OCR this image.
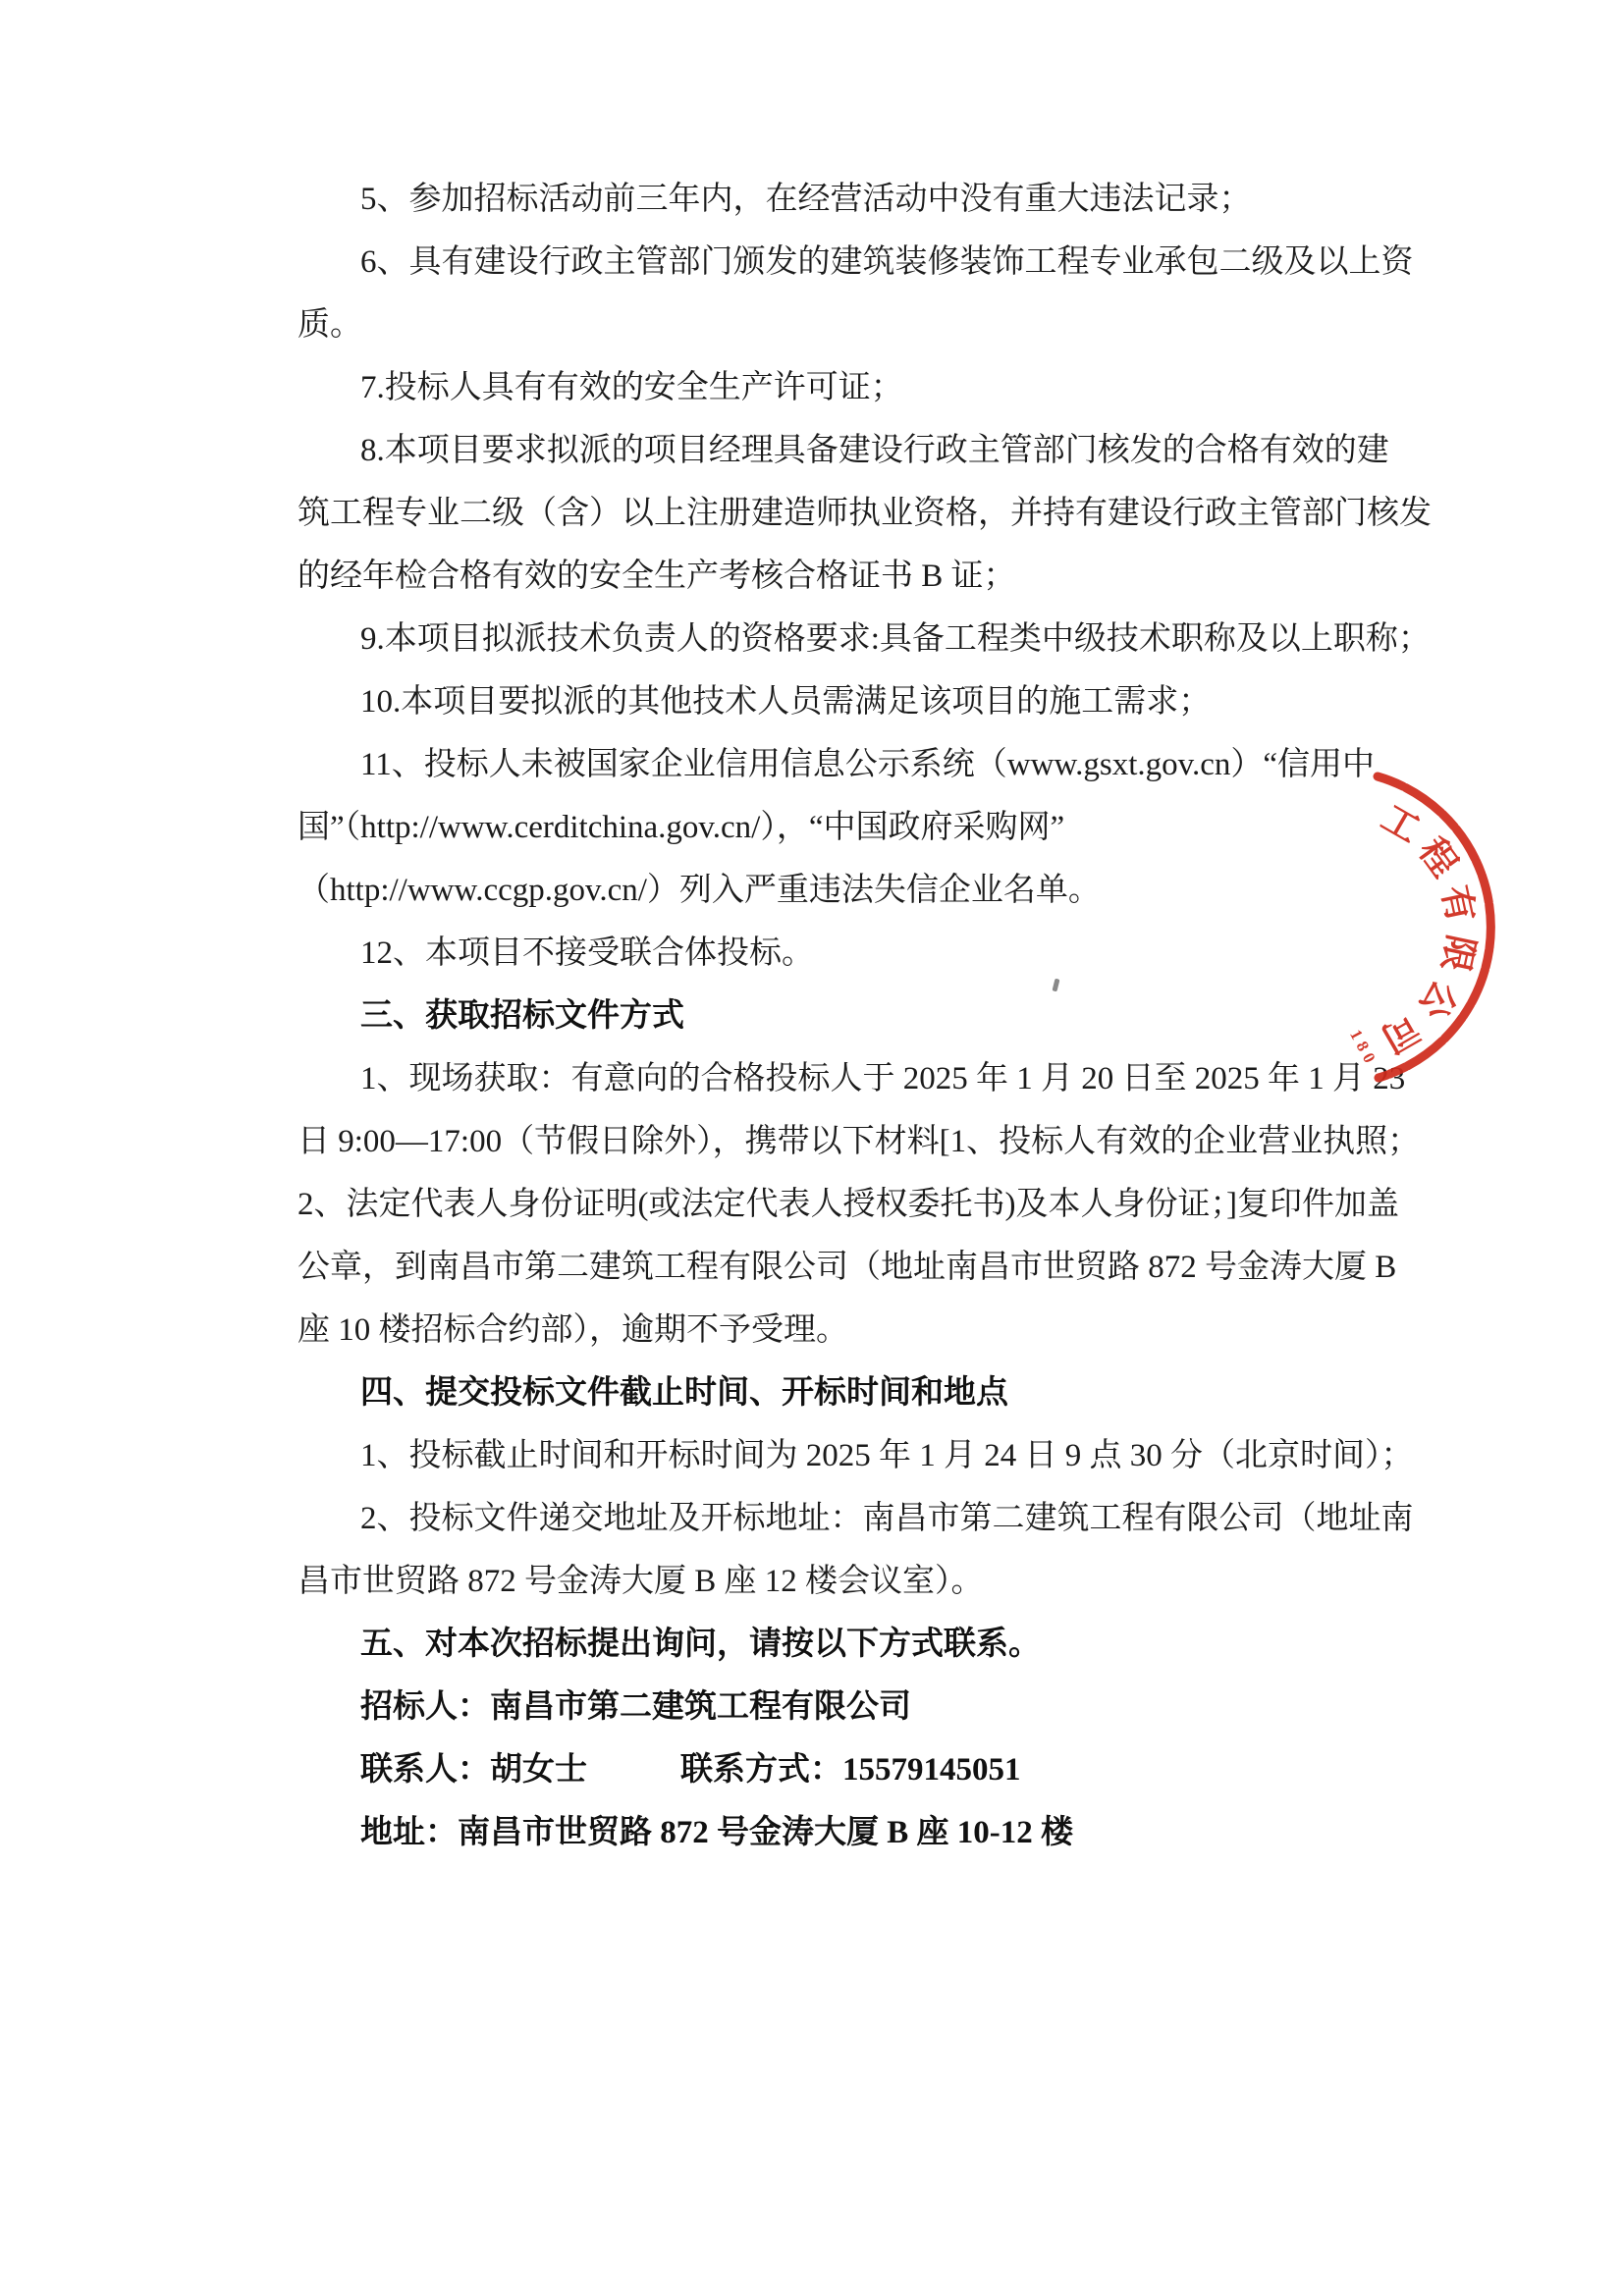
5、参加招标活动前三年内，在经营活动中没有重大违法记录；
6、具有建设行政主管部门颁发的建筑装修装饰工程专业承包二级及以上资
质。
7.投标人具有有效的安全生产许可证；
8.本项目要求拟派的项目经理具备建设行政主管部门核发的合格有效的建
筑工程专业二级（含）以上注册建造师执业资格，并持有建设行政主管部门核发
的经年检合格有效的安全生产考核合格证书 B 证；
9.本项目拟派技术负责人的资格要求:具备工程类中级技术职称及以上职称；
10.本项目要拟派的其他技术人员需满足该项目的施工需求；
11、投标人未被国家企业信用信息公示系统（www.gsxt.gov.cn）“信用中
国”（http://www.cerditchina.gov.cn/），“中国政府采购网”
（http://www.ccgp.gov.cn/）列入严重违法失信企业名单。
12、本项目不接受联合体投标。
三、获取招标文件方式
1、现场获取：有意向的合格投标人于 2025 年 1 月 20 日至 2025 年 1 月 23
日 9:00—17:00（节假日除外），携带以下材料[1、投标人有效的企业营业执照；
2、法定代表人身份证明(或法定代表人授权委托书)及本人身份证；]复印件加盖
公章，到南昌市第二建筑工程有限公司（地址南昌市世贸路 872 号金涛大厦 B
座 10 楼招标合约部），逾期不予受理。
四、提交投标文件截止时间、开标时间和地点
1、投标截止时间和开标时间为 2025 年 1 月 24 日 9 点 30 分（北京时间）；
2、投标文件递交地址及开标地址：南昌市第二建筑工程有限公司（地址南
昌市世贸路 872 号金涛大厦 B 座 12 楼会议室）。
五、对本次招标提出询问，请按以下方式联系。
招标人：南昌市第二建筑工程有限公司
联系人：胡女士	联系方式：15579145051
地址：南昌市世贸路 872 号金涛大厦 B 座 10-12 楼
工
程
有
限
公
司
180
